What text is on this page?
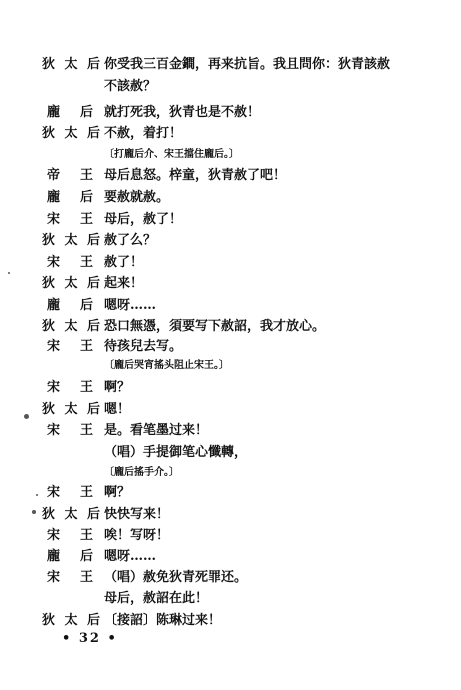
狄 太 后 你受我三百金鐧，再来抗旨。我且問你：狄青該赦
不該赦？
龐 后 就打死我，狄青也是不赦！
狄 太 后 不赦，着打！
〔打龐后介、宋王擋住龐后。〕
帝 王 母后息怒。梓童，狄青赦了吧！
龐 后 要赦就赦。
宋 王 母后，赦了！
狄 太 后 赦了么？
宋 王 赦了！
狄 太 后 起来！
龐 后 嗯呀……
狄 太 后 恐口無憑，須要写下赦詔，我才放心。
宋 王 待孩兒去写。
〔龐后哭宵搖头阻止宋王。〕
宋 王 啊？
狄 太 后 嗯！
宋 王 是。看笔墨过来！
（唱）手提御笔心懺轉，
〔龐后搖手介。〕
宋 王 啊？
狄 太 后 快快写来！
宋 王 唉！写呀！
龐 后 嗯呀……
宋 王 （唱）赦免狄青死罪还。
母后，赦詔在此！
狄 太 后 〔接詔〕陈琳过来！
• 32 •
